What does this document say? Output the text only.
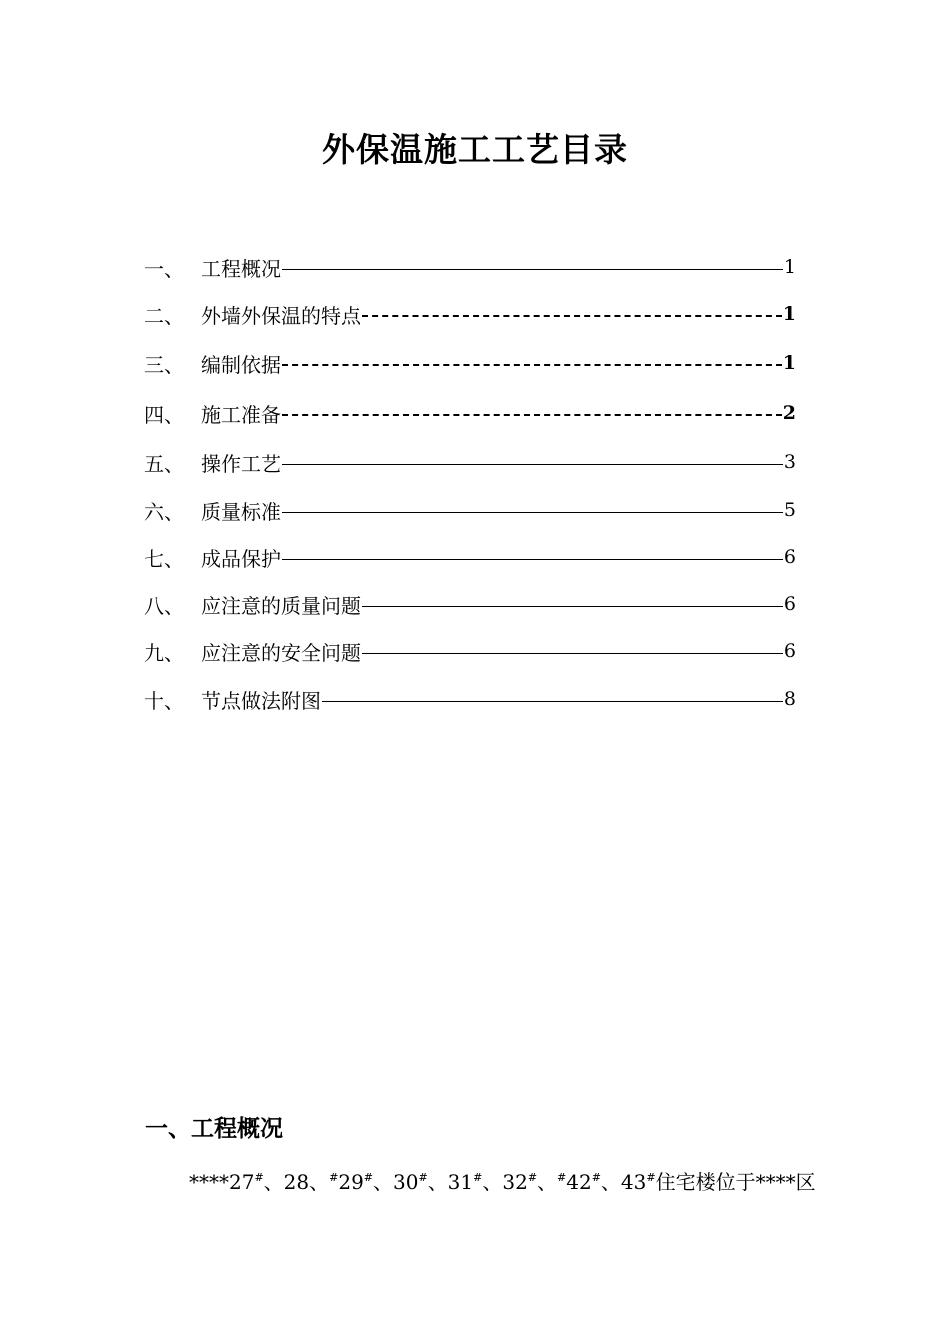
外保温施工工艺目录
一、 工程概况	1
二、 外墙外保温的特点	1
三、 编制依据	1
四、 施工准备	2
五、 操作工艺	3
六、 质量标准	5
七、 成品保护	6
八、 应注意的质量问题	6
九、 应注意的安全问题	6
十、 节点做法附图	8
一、工程概况
****27#、28、#29#、30#、31#、32#、#42#、43#住宅楼位于****区
